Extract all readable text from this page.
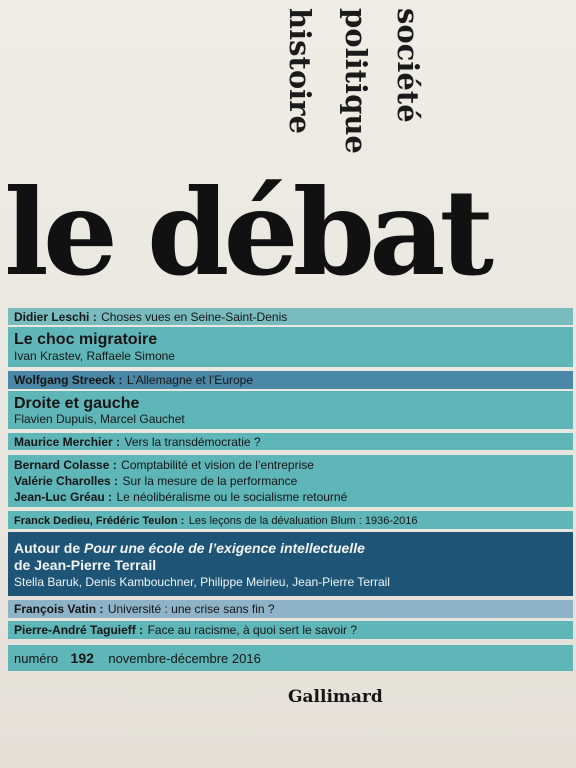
histoire politique société
le débat
Didier Leschi : Choses vues en Seine-Saint-Denis
Le choc migratoire
Ivan Krastev, Raffaele Simone
Wolfgang Streeck : L’Allemagne et l’Europe
Droite et gauche
Flavien Dupuis, Marcel Gauchet
Maurice Merchier : Vers la transdémocratie ?
Bernard Colasse : Comptabilité et vision de l’entreprise
Valérie Charolles : Sur la mesure de la performance
Jean-Luc Gréau : Le néolibéralisme ou le socialisme retourné
Franck Dedieu, Frédéric Teulon : Les leçons de la dévaluation Blum : 1936-2016
Autour de Pour une école de l’exigence intellectuelle
de Jean-Pierre Terrail
Stella Baruk, Denis Kambouchner, Philippe Meirieu, Jean-Pierre Terrail
François Vatin : Université : une crise sans fin ?
Pierre-André Taguieff : Face au racisme, à quoi sert le savoir ?
numéro 192 novembre-décembre 2016
Gallimard
